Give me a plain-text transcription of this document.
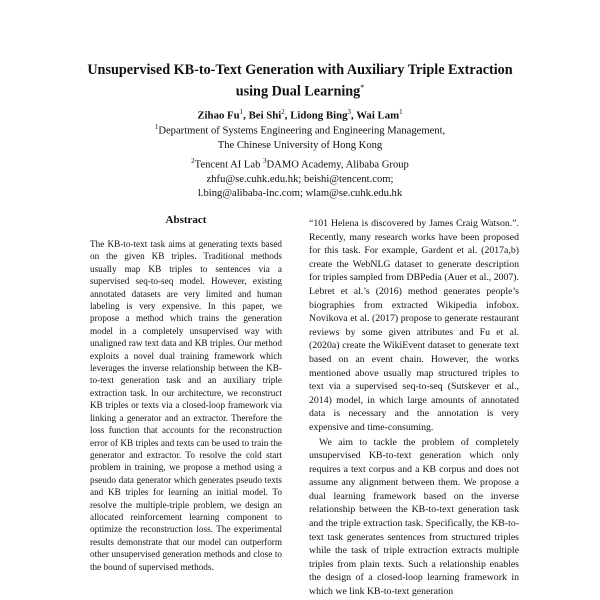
Unsupervised KB-to-Text Generation with Auxiliary Triple Extraction
using Dual Learning*
Zihao Fu$^1$, Bei Shi$^2$, Lidong Bing$^3$, Wai Lam$^1$
$^1$Department of Systems Engineering and Engineering Management,
The Chinese University of Hong Kong
$^2$Tencent AI Lab $^3$DAMO Academy, Alibaba Group
zhfu@se.cuhk.edu.hk; beishi@tencent.com;
l.bing@alibaba-inc.com; wlam@se.cuhk.edu.hk
Abstract

The KB-to-text task aims at generating texts based on the given KB triples. Traditional methods usually map KB triples to sentences via a supervised seq-to-seq model. However, existing annotated datasets are very limited and human labeling is very expensive. In this paper, we propose a method which trains the generation model in a completely unsupervised way with unaligned raw text data and KB triples. Our method exploits a novel dual training framework which leverages the inverse relationship between the KB-to-text generation task and an auxiliary triple extraction task. In our architecture, we reconstruct KB triples or texts via a closed-loop framework via linking a generator and an extractor. Therefore the loss function that accounts for the reconstruction error of KB triples and texts can be used to train the generator and extractor. To resolve the cold start problem in training, we propose a method using a pseudo data generator which generates pseudo texts and KB triples for learning an initial model. To resolve the multiple-triple problem, we design an allocated reinforcement learning component to optimize the reconstruction loss. The experimental results demonstrate that our model can outperform other unsupervised generation methods and close to the bound of supervised methods.

“101 Helena is discovered by James Craig Watson.”. Recently, many research works have been proposed for this task. For example, Gardent et al. (2017a,b) create the WebNLG dataset to generate description for triples sampled from DBPedia (Auer et al., 2007). Lebret et al.’s (2016) method generates people’s biographies from extracted Wikipedia infobox. Novikova et al. (2017) propose to generate restaurant reviews by some given attributes and Fu et al. (2020a) create the WikiEvent dataset to generate text based on an event chain. However, the works mentioned above usually map structured triples to text via a supervised seq-to-seq (Sutskever et al., 2014) model, in which large amounts of annotated data is necessary and the annotation is very expensive and time-consuming.

We aim to tackle the problem of completely unsupervised KB-to-text generation which only requires a text corpus and a KB corpus and does not assume any alignment between them. We propose a dual learning framework based on the inverse relationship between the KB-to-text generation task and the triple extraction task. Specifically, the KB-to-text task generates sentences from structured triples while the task of triple extraction extracts multiple triples from plain texts. Such a relationship enables the design of a closed-loop learning framework in which we link KB-to-text generation
